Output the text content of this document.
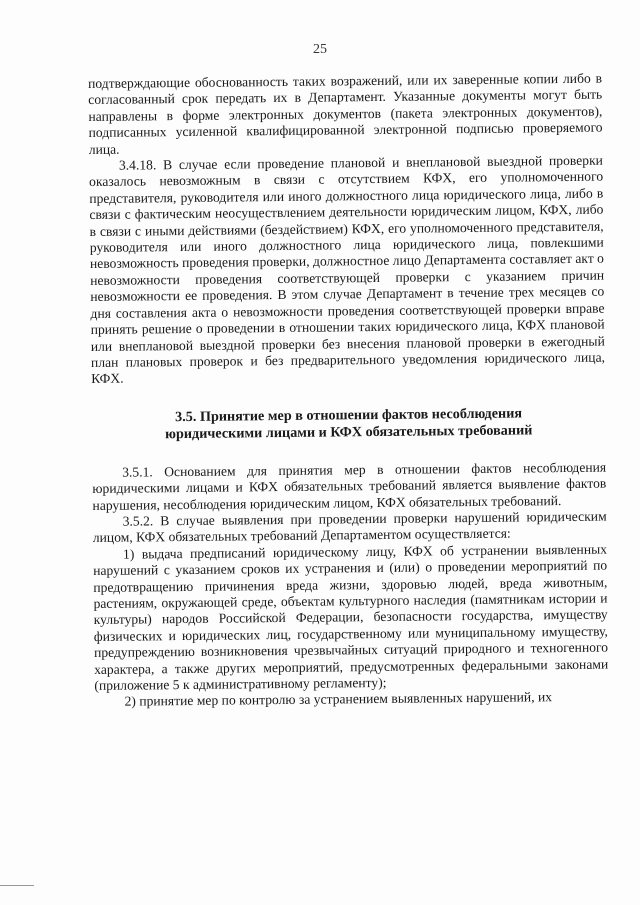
25

подтверждающие обоснованность таких возражений, или их заверенные копии либо в согласованный срок передать их в Департамент. Указанные документы могут быть направлены в форме электронных документов (пакета электронных документов), подписанных усиленной квалифицированной электронной подписью проверяемого лица.

3.4.18. В случае если проведение плановой и внеплановой выездной проверки оказалось невозможным в связи с отсутствием КФХ, его уполномоченного представителя, руководителя или иного должностного лица юридического лица, либо в связи с фактическим неосуществлением деятельности юридическим лицом, КФХ, либо в связи с иными действиями (бездействием) КФХ, его уполномоченного представителя, руководителя или иного должностного лица юридического лица, повлекшими невозможность проведения проверки, должностное лицо Департамента составляет акт о невозможности проведения соответствующей проверки с указанием причин невозможности ее проведения. В этом случае Департамент в течение трех месяцев со дня составления акта о невозможности проведения соответствующей проверки вправе принять решение о проведении в отношении таких юридического лица, КФХ плановой или внеплановой выездной проверки без внесения плановой проверки в ежегодный план плановых проверок и без предварительного уведомления юридического лица, КФХ.

3.5. Принятие мер в отношении фактов несоблюдения
юридическими лицами и КФХ обязательных требований

3.5.1. Основанием для принятия мер в отношении фактов несоблюдения юридическими лицами и КФХ обязательных требований является выявление фактов нарушения, несоблюдения юридическим лицом, КФХ обязательных требований.

3.5.2. В случае выявления при проведении проверки нарушений юридическим лицом, КФХ обязательных требований Департаментом осуществляется:

1) выдача предписаний юридическому лицу, КФХ об устранении выявленных нарушений с указанием сроков их устранения и (или) о проведении мероприятий по предотвращению причинения вреда жизни, здоровью людей, вреда животным, растениям, окружающей среде, объектам культурного наследия (памятникам истории и культуры) народов Российской Федерации, безопасности государства, имуществу физических и юридических лиц, государственному или муниципальному имуществу, предупреждению возникновения чрезвычайных ситуаций природного и техногенного характера, а также других мероприятий, предусмотренных федеральными законами (приложение 5 к административному регламенту);

2) принятие мер по контролю за устранением выявленных нарушений, их
